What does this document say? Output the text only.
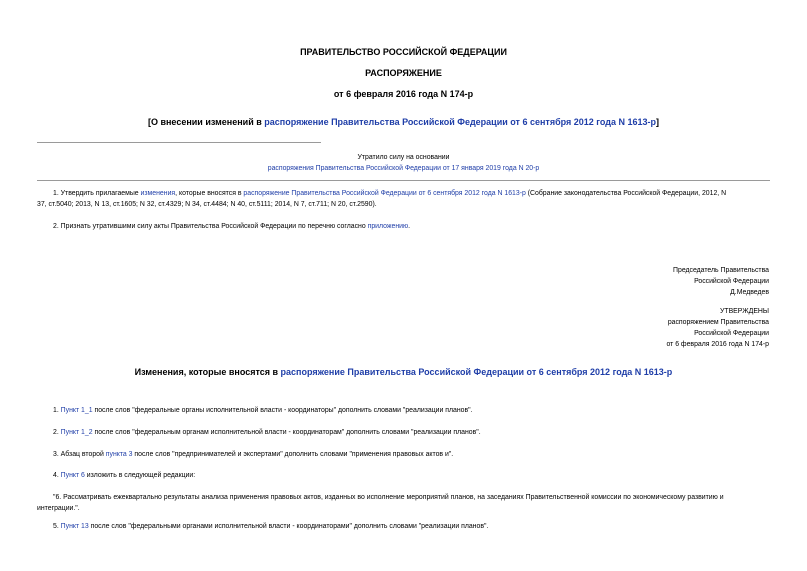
ПРАВИТЕЛЬСТВО РОССИЙСКОЙ ФЕДЕРАЦИИ
РАСПОРЯЖЕНИЕ
от 6 февраля 2016 года N 174-р
[О внесении изменений в распоряжение Правительства Российской Федерации от 6 сентября 2012 года N 1613-р]
Утратило силу на основании
распоряжения Правительства Российской Федерации от 17 января 2019 года N 20-р
1. Утвердить прилагаемые изменения, которые вносятся в распоряжение Правительства Российской Федерации от 6 сентября 2012 года N 1613-р (Собрание законодательства Российской Федерации, 2012, N
37, ст.5040; 2013, N 13, ст.1605; N 32, ст.4329; N 34, ст.4484; N 40, ст.5111; 2014, N 7, ст.711; N 20, ст.2590).
2. Признать утратившими силу акты Правительства Российской Федерации по перечню согласно приложению.
Председатель Правительства
Российской Федерации
Д.Медведев
УТВЕРЖДЕНЫ
распоряжением Правительства
Российской Федерации
от 6 февраля 2016 года N 174-р
Изменения, которые вносятся в распоряжение Правительства Российской Федерации от 6 сентября 2012 года N 1613-р
1. Пункт 1_1 после слов "федеральные органы исполнительной власти - координаторы" дополнить словами "реализации планов".
2. Пункт 1_2 после слов "федеральным органам исполнительной власти - координаторам" дополнить словами "реализации планов".
3. Абзац второй пункта 3 после слов "предпринимателей и экспертами" дополнить словами "применения правовых актов и".
4. Пункт 6 изложить в следующей редакции:
"6. Рассматривать ежеквартально результаты анализа применения правовых актов, изданных во исполнение мероприятий планов, на заседаниях Правительственной комиссии по экономическому развитию и
интеграции.".
5. Пункт 13 после слов "федеральными органами исполнительной власти - координаторами" дополнить словами "реализации планов".
